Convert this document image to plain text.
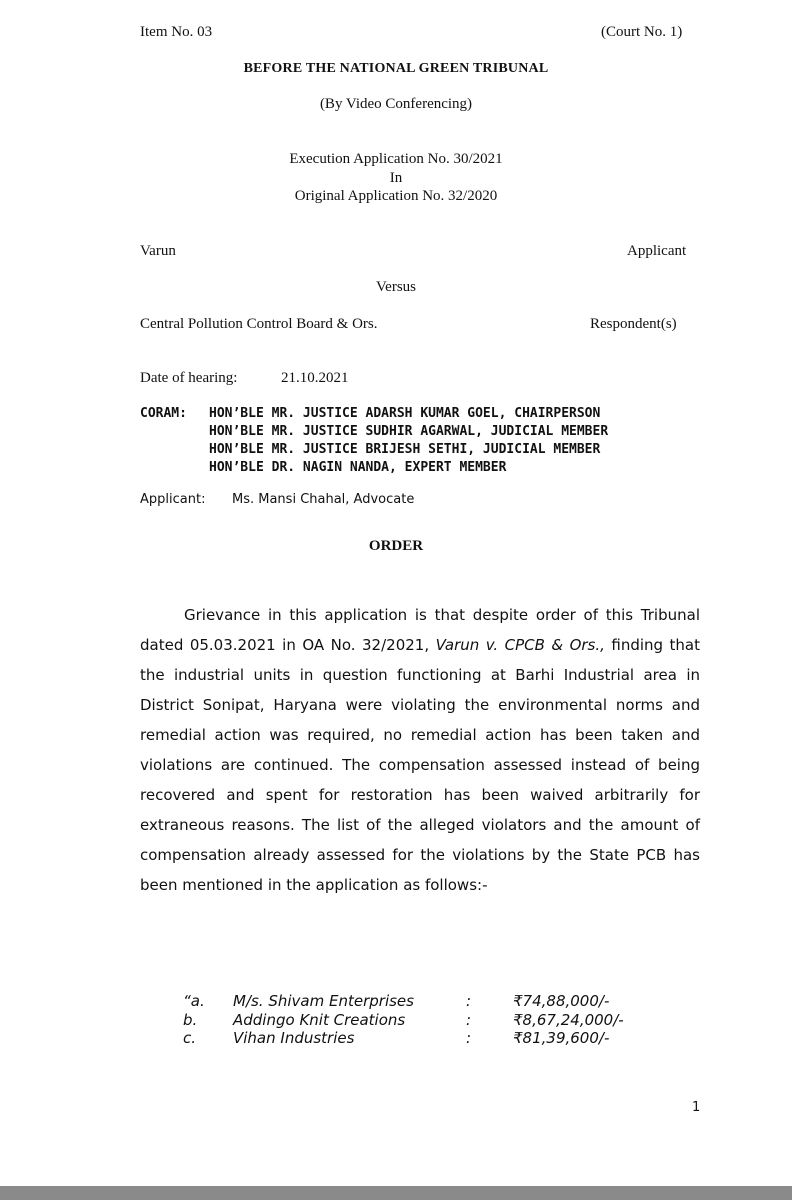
Item No. 03	(Court No. 1)
BEFORE THE NATIONAL GREEN TRIBUNAL
(By Video Conferencing)
Execution Application No. 30/2021
In
Original Application No. 32/2020
Varun	Applicant
Versus
Central Pollution Control Board & Ors.	Respondent(s)
Date of hearing:	21.10.2021
CORAM: HON’BLE MR. JUSTICE ADARSH KUMAR GOEL, CHAIRPERSON
HON’BLE MR. JUSTICE SUDHIR AGARWAL, JUDICIAL MEMBER
HON’BLE MR. JUSTICE BRIJESH SETHI, JUDICIAL MEMBER
HON’BLE DR. NAGIN NANDA, EXPERT MEMBER
Applicant: Ms. Mansi Chahal, Advocate
ORDER
Grievance in this application is that despite order of this Tribunal dated 05.03.2021 in OA No. 32/2021, Varun v. CPCB & Ors., finding that the industrial units in question functioning at Barhi Industrial area in District Sonipat, Haryana were violating the environmental norms and remedial action was required, no remedial action has been taken and violations are continued. The compensation assessed instead of being recovered and spent for restoration has been waived arbitrarily for extraneous reasons. The list of the alleged violators and the amount of compensation already assessed for the violations by the State PCB has been mentioned in the application as follows:-
“a. M/s. Shivam Enterprises	:	₹74,88,000/-
b. Addingo Knit Creations	:	₹8,67,24,000/-
c. Vihan Industries	:	₹81,39,600/-
1
